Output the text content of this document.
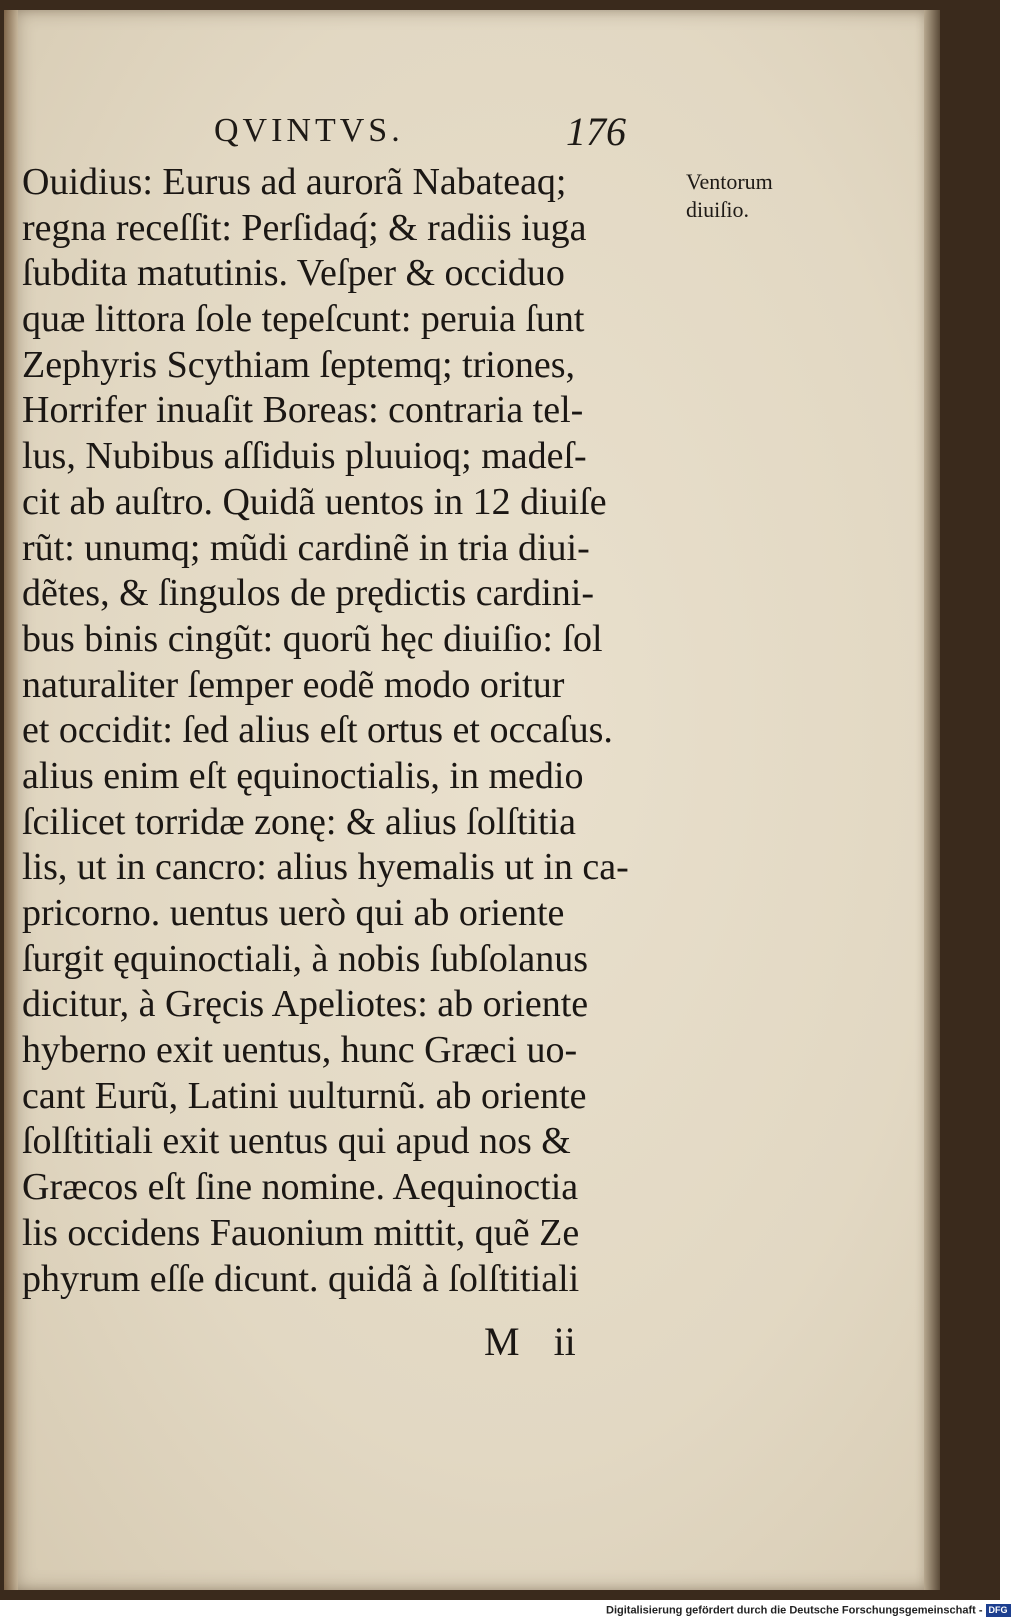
QVINTVS.	176
Ventorum
diuiſio.
Ouidius: Eurus ad aurorã Nabateaq;
regna receſſit: Perſidaq́; & radiis iuga
ſubdita matutinis. Veſper & occiduo
quæ littora ſole tepeſcunt: peruia ſunt
Zephyris Scythiam ſeptemq; triones,
Horrifer inuaſit Boreas: contraria tel-
lus, Nubibus aſſiduis pluuioq; madeſ-
cit ab auſtro. Quidã uentos in 12 diuiſe
rũt: unumq; mũdi cardinẽ in tria diui-
dẽtes, & ſingulos de prędictis cardini-
bus binis cingũt: quorũ hęc diuiſio: ſol
naturaliter ſemper eodẽ modo oritur
et occidit: ſed alius eſt ortus et occaſus.
alius enim eſt ęquinoctialis, in medio
ſcilicet torridæ zonę: & alius ſolſtitia
lis, ut in cancro: alius hyemalis ut in ca-
pricorno. uentus uerò qui ab oriente
ſurgit ęquinoctiali, à nobis ſubſolanus
dicitur, à Gręcis Apeliotes: ab oriente
hyberno exit uentus, hunc Græci uo-
cant Eurũ, Latini uulturnũ. ab oriente
ſolſtitiali exit uentus qui apud nos &
Græcos eſt ſine nomine. Aequinoctia
lis occidens Fauonium mittit, quẽ Ze
phyrum eſſe dicunt. quidã à ſolſtitiali
M ii
Digitalisierung gefördert durch die Deutsche Forschungsgemeinschaft - DFG
